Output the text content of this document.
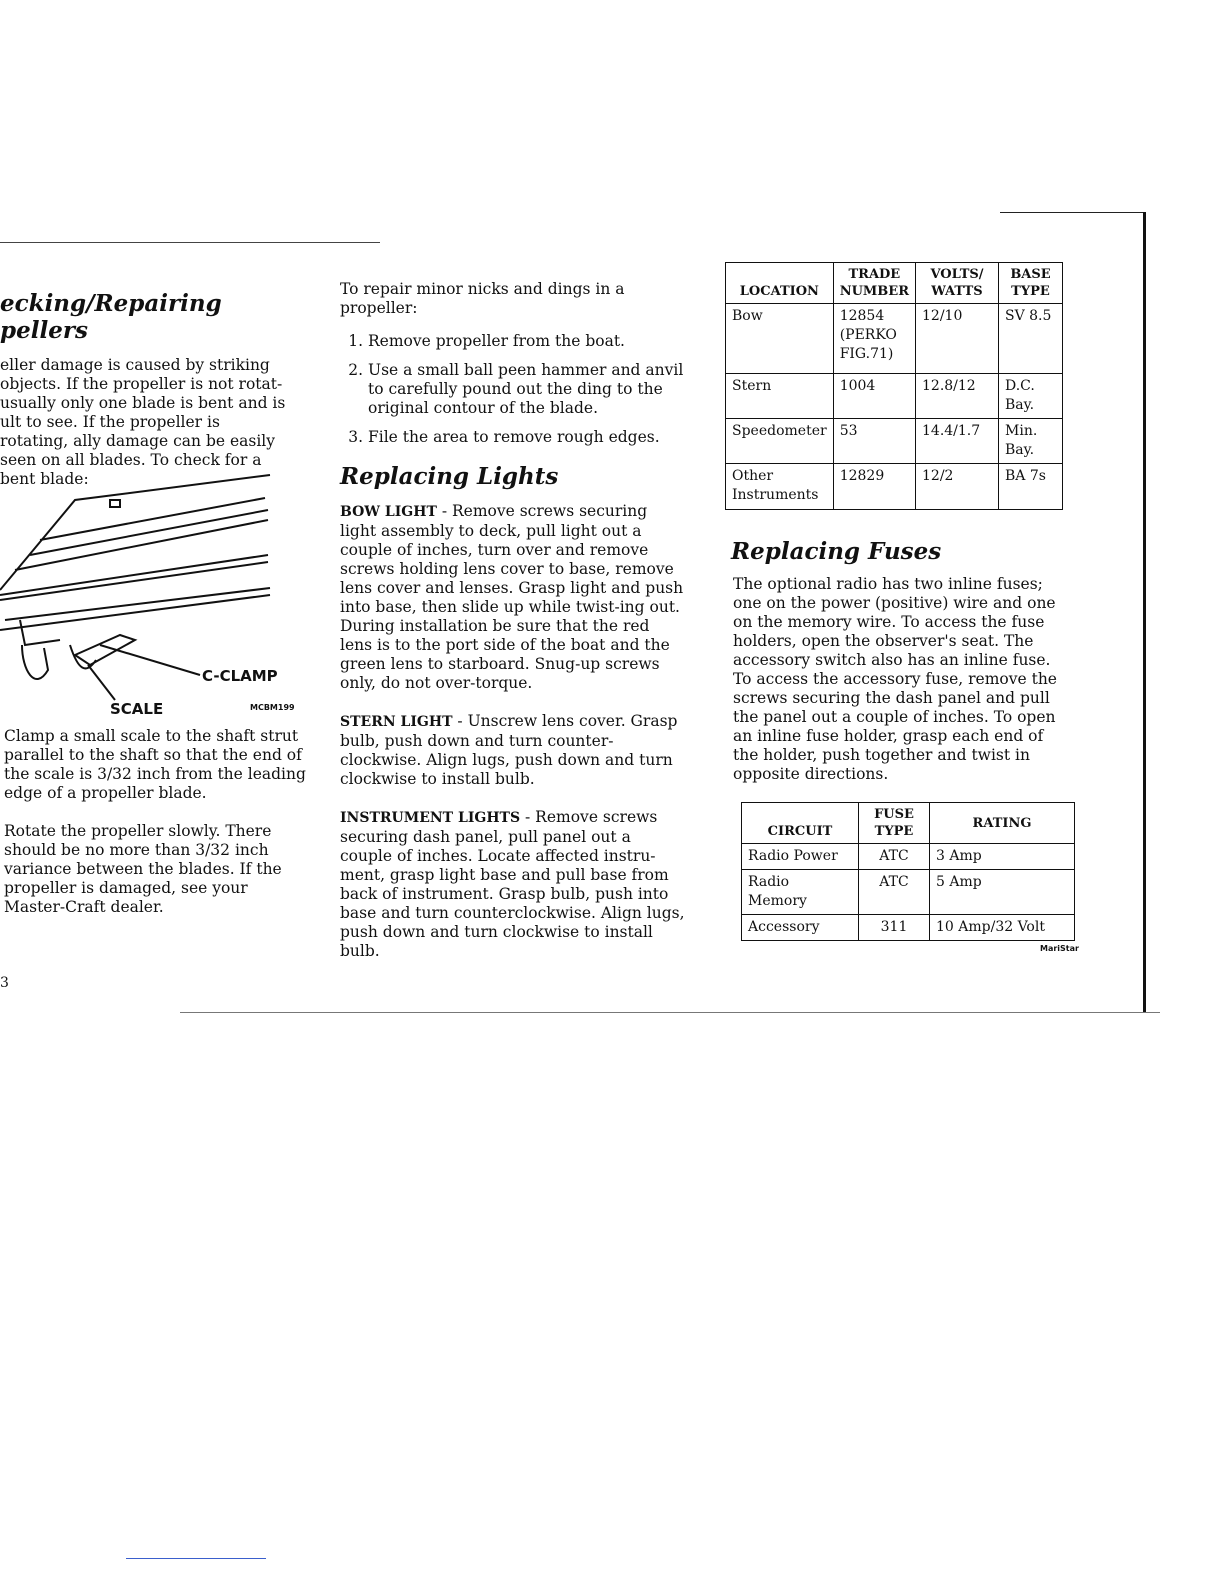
ecking/Repairing pellers

eller damage is caused by striking objects. If the propeller is not rotat- usually only one blade is bent and is ult to see. If the propeller is rotating, ally damage can be easily seen on all blades. To check for a bent blade:

C-CLAMP
SCALE	MCBM199

Clamp a small scale to the shaft strut parallel to the shaft so that the end of the scale is 3/32 inch from the leading edge of a propeller blade.

Rotate the propeller slowly. There should be no more than 3/32 inch variance between the blades. If the propeller is damaged, see your Master-Craft dealer.

3

To repair minor nicks and dings in a propeller:

1. Remove propeller from the boat.
2. Use a small ball peen hammer and anvil to carefully pound out the ding to the original contour of the blade.
3. File the area to remove rough edges.
Replacing Lights

BOW LIGHT - Remove screws securing light assembly to deck, pull light out a couple of inches, turn over and remove screws holding lens cover to base, remove lens cover and lenses. Grasp light and push into base, then slide up while twist-ing out. During installation be sure that the red lens is to the port side of the boat and the green lens to starboard. Snug-up screws only, do not over-torque.

STERN LIGHT - Unscrew lens cover. Grasp bulb, push down and turn counter-clockwise. Align lugs, push down and turn clockwise to install bulb.

INSTRUMENT LIGHTS - Remove screws securing dash panel, pull panel out a couple of inches. Locate affected instru-ment, grasp light base and pull base from back of instrument. Grasp bulb, push into base and turn counterclockwise. Align lugs, push down and turn clockwise to install bulb.

LOCATION	TRADE NUMBER	VOLTS/ WATTS	BASE TYPE
Bow	12854 (PERKO FIG.71)	12/10	SV 8.5
Stern	1004	12.8/12	D.C. Bay.
Speedometer	53	14.4/1.7	Min. Bay.
Other Instruments	12829	12/2	BA 7s
Replacing Fuses

The optional radio has two inline fuses; one on the power (positive) wire and one on the memory wire. To access the fuse holders, open the observer's seat. The accessory switch also has an inline fuse. To access the accessory fuse, remove the screws securing the dash panel and pull the panel out a couple of inches. To open an inline fuse holder, grasp each end of the holder, push together and twist in opposite directions.

CIRCUIT	FUSE TYPE	RATING
Radio Power	ATC	3 Amp
Radio Memory	ATC	5 Amp
Accessory	311	10 Amp/32 Volt
MariStar
